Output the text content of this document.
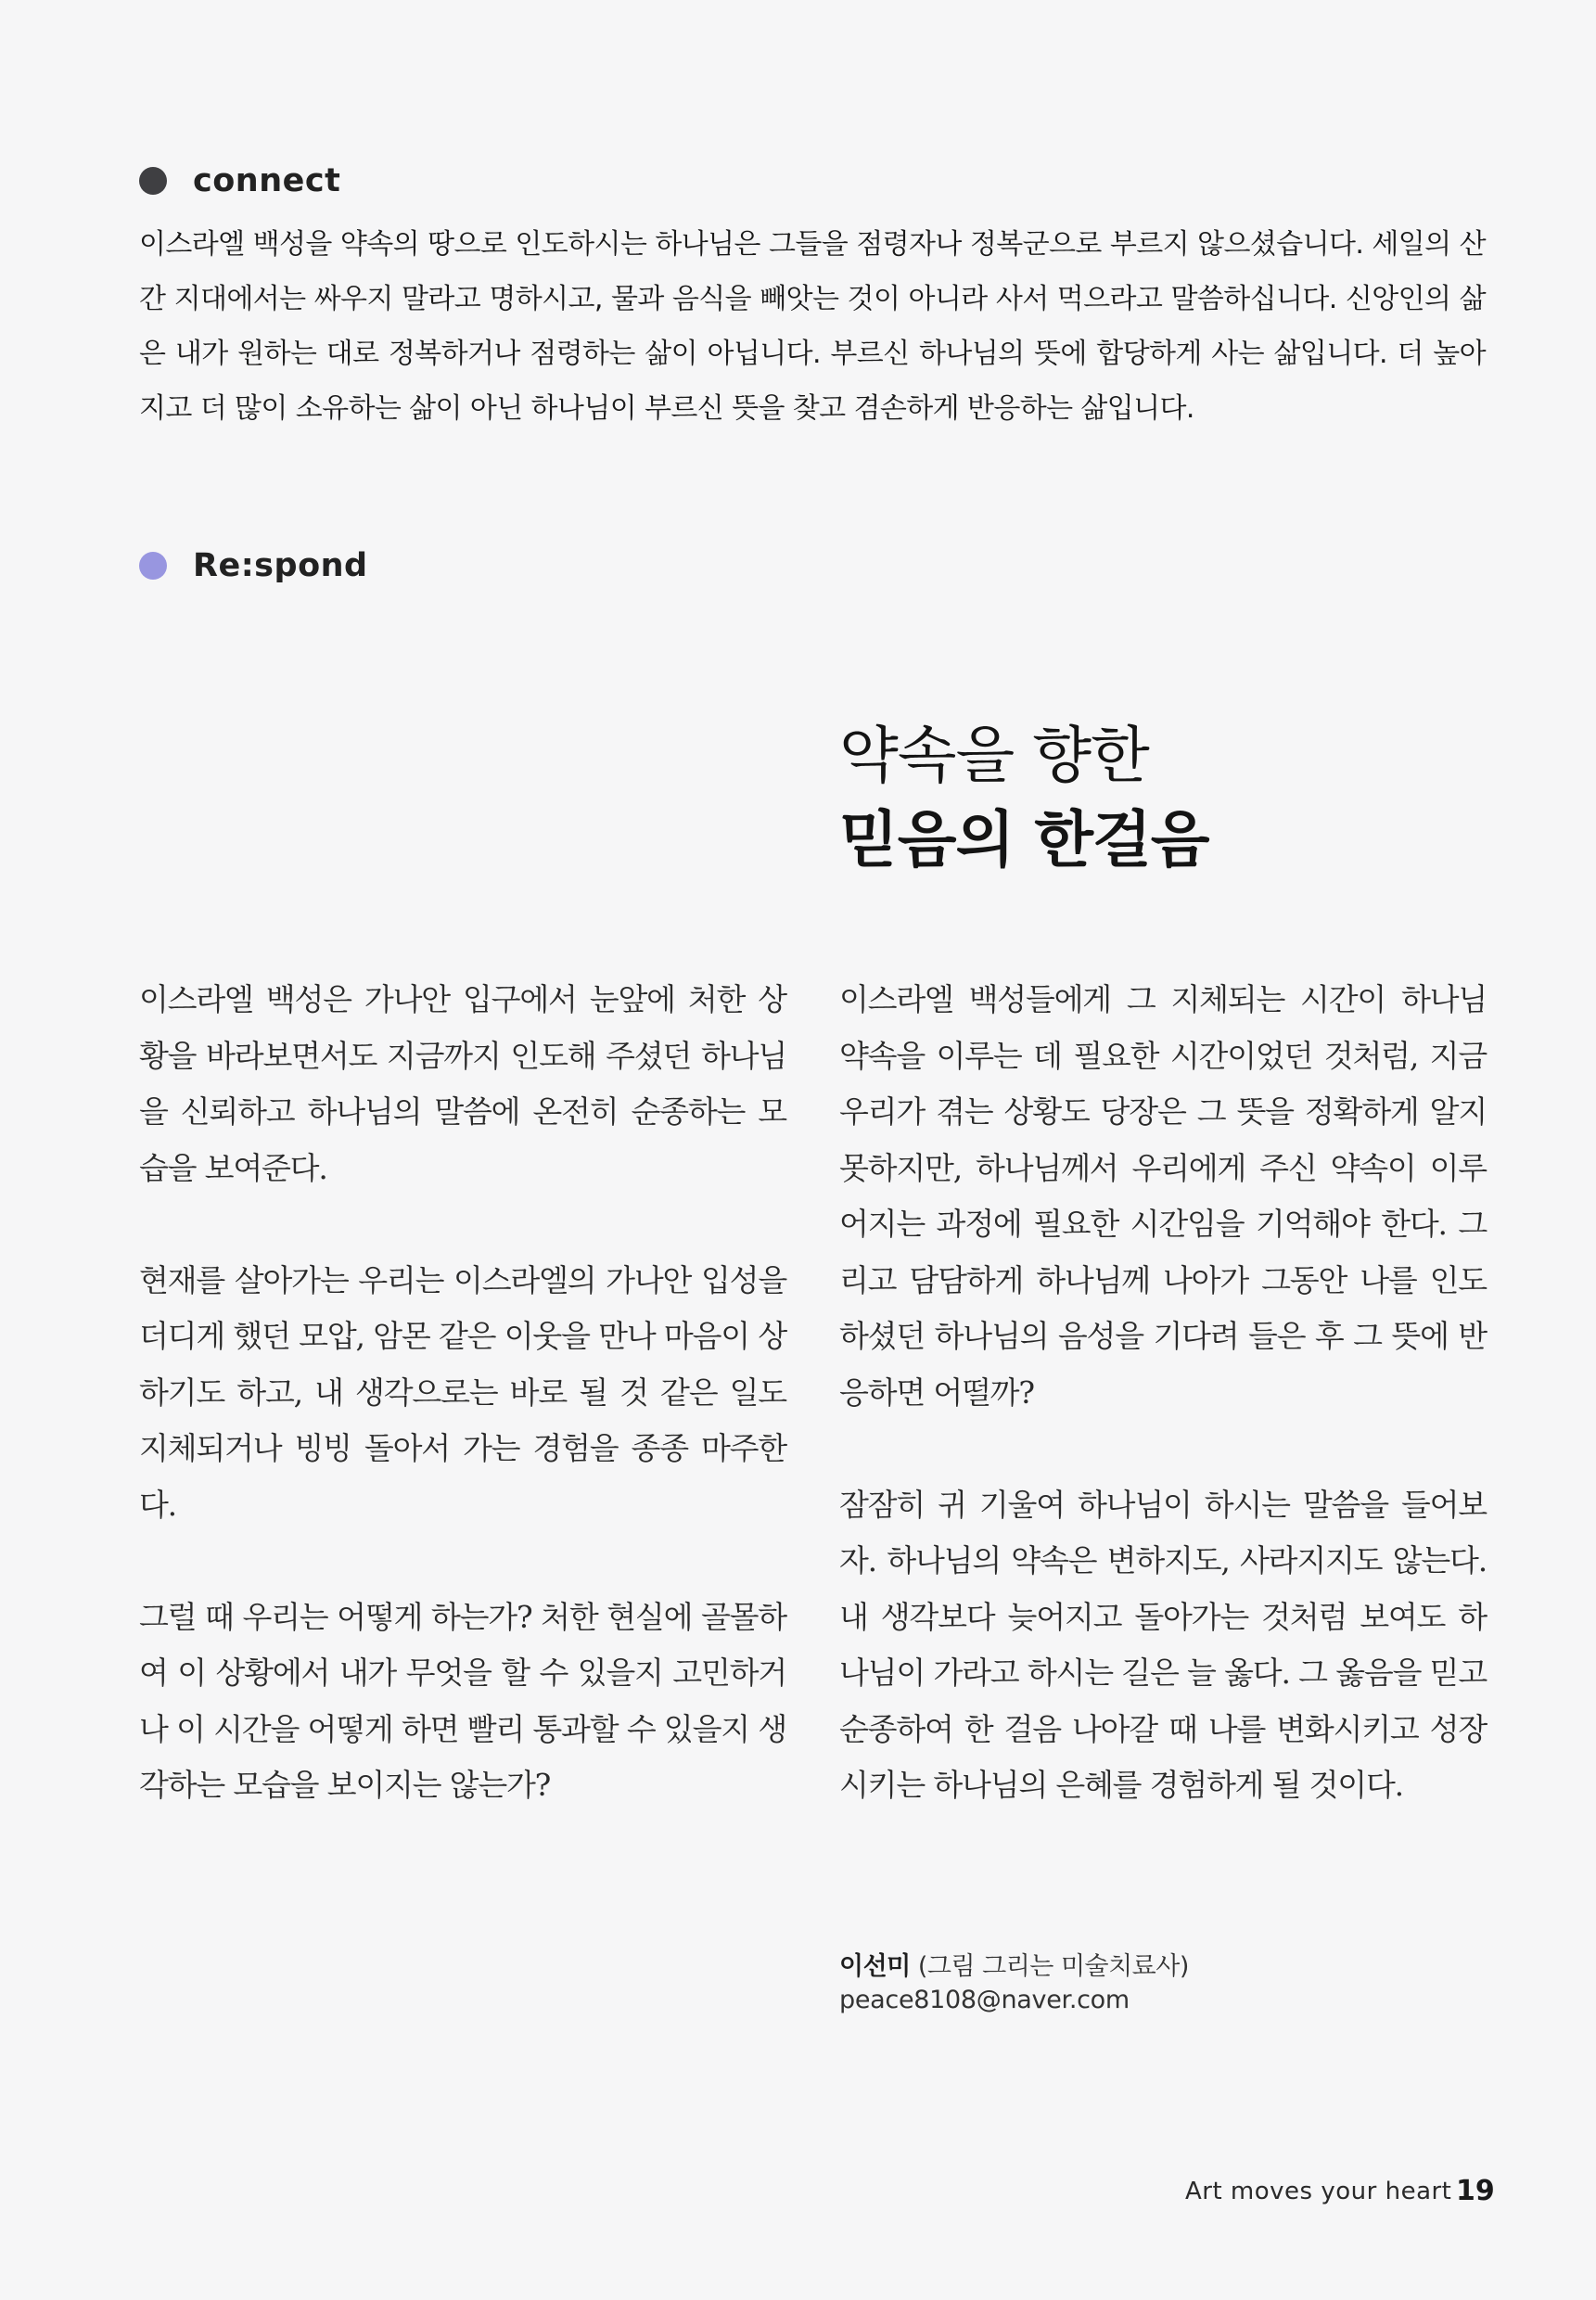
connect
이스라엘 백성을 약속의 땅으로 인도하시는 하나님은 그들을 점령자나 정복군으로 부르지 않으셨습니다. 세일의 산간 지대에서는 싸우지 말라고 명하시고, 물과 음식을 빼앗는 것이 아니라 사서 먹으라고 말씀하십니다. 신앙인의 삶은 내가 원하는 대로 정복하거나 점령하는 삶이 아닙니다. 부르신 하나님의 뜻에 합당하게 사는 삶입니다. 더 높아지고 더 많이 소유하는 삶이 아닌 하나님이 부르신 뜻을 찾고 겸손하게 반응하는 삶입니다.
Re:spond
약속을 향한
믿음의 한걸음

이스라엘 백성은 가나안 입구에서 눈앞에 처한 상황을 바라보면서도 지금까지 인도해 주셨던 하나님을 신뢰하고 하나님의 말씀에 온전히 순종하는 모습을 보여준다.

현재를 살아가는 우리는 이스라엘의 가나안 입성을 더디게 했던 모압, 암몬 같은 이웃을 만나 마음이 상하기도 하고, 내 생각으로는 바로 될 것 같은 일도 지체되거나 빙빙 돌아서 가는 경험을 종종 마주한다.

그럴 때 우리는 어떻게 하는가? 처한 현실에 골몰하여 이 상황에서 내가 무엇을 할 수 있을지 고민하거나 이 시간을 어떻게 하면 빨리 통과할 수 있을지 생각하는 모습을 보이지는 않는가?

이스라엘 백성들에게 그 지체되는 시간이 하나님 약속을 이루는 데 필요한 시간이었던 것처럼, 지금 우리가 겪는 상황도 당장은 그 뜻을 정확하게 알지 못하지만, 하나님께서 우리에게 주신 약속이 이루어지는 과정에 필요한 시간임을 기억해야 한다. 그리고 담담하게 하나님께 나아가 그동안 나를 인도하셨던 하나님의 음성을 기다려 들은 후 그 뜻에 반응하면 어떨까?

잠잠히 귀 기울여 하나님이 하시는 말씀을 들어보자. 하나님의 약속은 변하지도, 사라지지도 않는다. 내 생각보다 늦어지고 돌아가는 것처럼 보여도 하나님이 가라고 하시는 길은 늘 옳다. 그 옳음을 믿고 순종하여 한 걸음 나아갈 때 나를 변화시키고 성장시키는 하나님의 은혜를 경험하게 될 것이다.

이선미 (그림 그리는 미술치료사)
peace8108@naver.com
Art moves your heart 19
